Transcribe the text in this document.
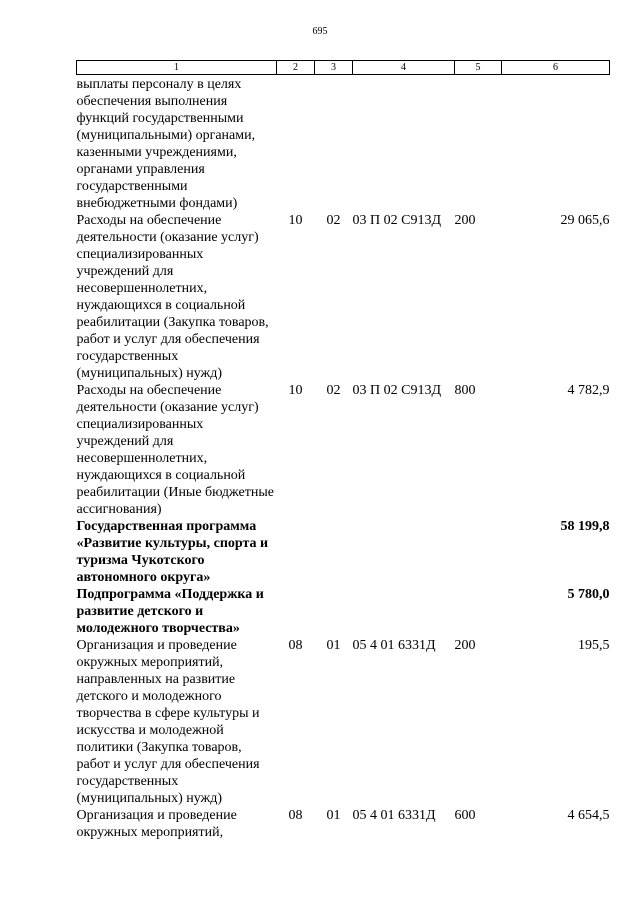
695
1	2	3	4	5	6
выплаты персоналу в целях обеспечения выполнения функций государственными (муниципальными) органами, казенными учреждениями, органами управления государственными внебюджетными фондами)					
Расходы на обеспечение деятельности (оказание услуг) специализированных учреждений для несовершеннолетних, нуждающихся в социальной реабилитации (Закупка товаров, работ и услуг для обеспечения государственных (муниципальных) нужд)	10	02	03 П 02 С913Д	200	29 065,6
Расходы на обеспечение деятельности (оказание услуг) специализированных учреждений для несовершеннолетних, нуждающихся в социальной реабилитации (Иные бюджетные ассигнования)	10	02	03 П 02 С913Д	800	4 782,9
Государственная программа «Развитие культуры, спорта и туризма Чукотского автономного округа»					58 199,8
Подпрограмма «Поддержка и развитие детского и молодежного творчества»					5 780,0
Организация и проведение окружных мероприятий, направленных на развитие детского и молодежного творчества в сфере культуры и искусства и молодежной политики (Закупка товаров, работ и услуг для обеспечения государственных (муниципальных) нужд)	08	01	05 4 01 6331Д	200	195,5
Организация и проведение окружных мероприятий,	08	01	05 4 01 6331Д	600	4 654,5
